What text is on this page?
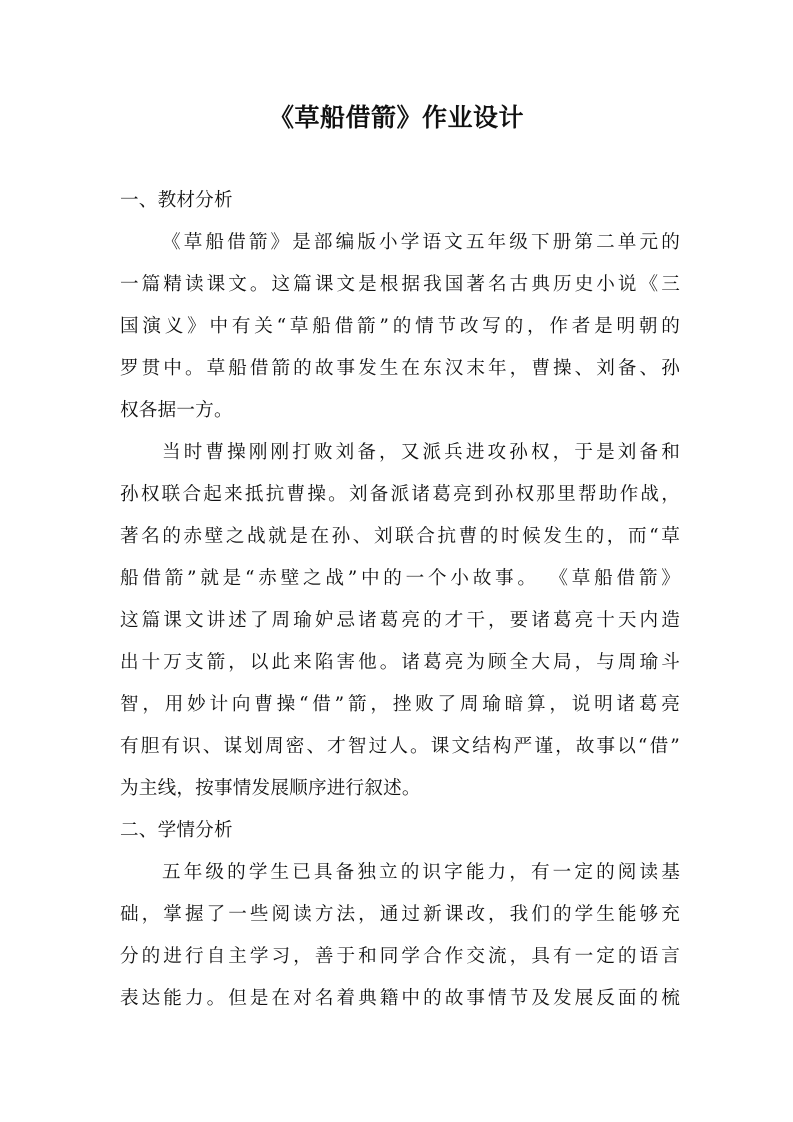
《草船借箭》作业设计
一、教材分析
《草船借箭》是部编版小学语文五年级下册第二单元的
一篇精读课文。这篇课文是根据我国著名古典历史小说《三
国演义》中有关“草船借箭”的情节改写的，作者是明朝的
罗贯中。草船借箭的故事发生在东汉末年，曹操、刘备、孙
权各据一方。
当时曹操刚刚打败刘备，又派兵进攻孙权，于是刘备和
孙权联合起来抵抗曹操。刘备派诸葛亮到孙权那里帮助作战，
著名的赤壁之战就是在孙、刘联合抗曹的时候发生的，而“草
船借箭”就是“赤壁之战”中的一个小故事。 《草船借箭》
这篇课文讲述了周瑜妒忌诸葛亮的才干，要诸葛亮十天内造
出十万支箭，以此来陷害他。诸葛亮为顾全大局，与周瑜斗
智，用妙计向曹操“借”箭，挫败了周瑜暗算，说明诸葛亮
有胆有识、谋划周密、才智过人。课文结构严谨，故事以“借”
为主线，按事情发展顺序进行叙述。
二、学情分析
五年级的学生已具备独立的识字能力，有一定的阅读基
础，掌握了一些阅读方法，通过新课改，我们的学生能够充
分的进行自主学习，善于和同学合作交流，具有一定的语言
表达能力。但是在对名着典籍中的故事情节及发展反面的梳
